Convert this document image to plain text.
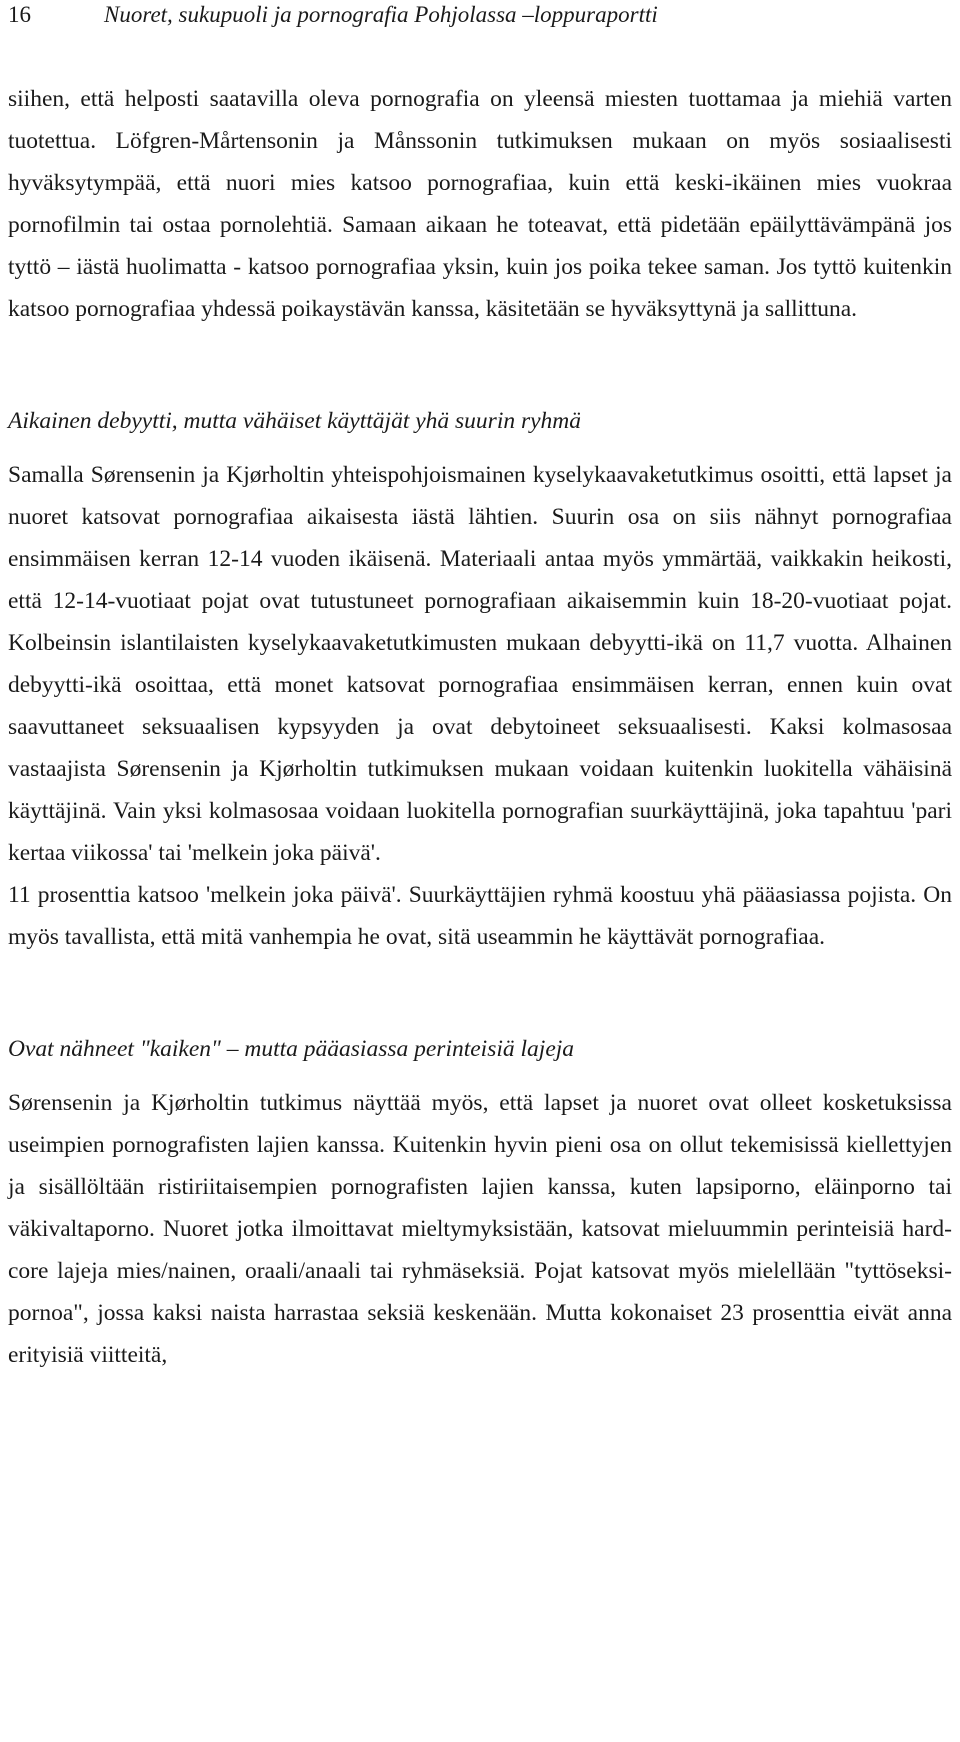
16	Nuoret, sukupuoli ja pornografia Pohjolassa –loppuraportti

siihen, että helposti saatavilla oleva pornografia on yleensä miesten tuottamaa ja miehiä varten tuotettua. Löfgren-Mårtensonin ja Månssonin tutkimuksen mukaan on myös sosiaalisesti hyväksytympää, että nuori mies katsoo pornografiaa, kuin että keski-ikäinen mies vuokraa pornofilmin tai ostaa pornolehtiä. Samaan aikaan he toteavat, että pidetään epäilyttävämpänä jos tyttö – iästä huolimatta - katsoo pornografiaa yksin, kuin jos poika tekee saman. Jos tyttö kuitenkin katsoo pornografiaa yhdessä poikaystävän kanssa, käsitetään se hyväksyttynä ja sallittuna.

Aikainen debyytti, mutta vähäiset käyttäjät yhä suurin ryhmä

Samalla Sørensenin ja Kjørholtin yhteispohjoismainen kyselykaavaketutkimus osoitti, että lapset ja nuoret katsovat pornografiaa aikaisesta iästä lähtien. Suurin osa on siis nähnyt pornografiaa ensimmäisen kerran 12-14 vuoden ikäisenä. Materiaali antaa myös ymmärtää, vaikkakin heikosti, että 12-14-vuotiaat pojat ovat tutustuneet pornografiaan aikaisemmin kuin 18-20-vuotiaat pojat. Kolbeinsin islantilaisten kyselykaavaketutkimusten mukaan debyytti-ikä on 11,7 vuotta. Alhainen debyytti-ikä osoittaa, että monet katsovat pornografiaa ensimmäisen kerran, ennen kuin ovat saavuttaneet seksuaalisen kypsyyden ja ovat debytoineet seksuaalisesti. Kaksi kolmasosaa vastaajista Sørensenin ja Kjørholtin tutkimuksen mukaan voidaan kuitenkin luokitella vähäisinä käyttäjinä. Vain yksi kolmasosaa voidaan luokitella pornografian suurkäyttäjinä, joka tapahtuu 'pari kertaa viikossa' tai 'melkein joka päivä'.

11 prosenttia katsoo 'melkein joka päivä'. Suurkäyttäjien ryhmä koostuu yhä pääasiassa pojista. On myös tavallista, että mitä vanhempia he ovat, sitä useammin he käyttävät pornografiaa.

Ovat nähneet "kaiken" – mutta pääasiassa perinteisiä lajeja

Sørensenin ja Kjørholtin tutkimus näyttää myös, että lapset ja nuoret ovat olleet kosketuksissa useimpien pornografisten lajien kanssa. Kuitenkin hyvin pieni osa on ollut tekemisissä kiellettyjen ja sisällöltään ristiriitaisempien pornografisten lajien kanssa, kuten lapsiporno, eläinporno tai väkivaltaporno. Nuoret jotka ilmoittavat mieltymyksistään, katsovat mieluummin perinteisiä hard-core lajeja mies/nainen, oraali/anaali tai ryhmäseksiä. Pojat katsovat myös mielellään "tyttöseksi-pornoa", jossa kaksi naista harrastaa seksiä keskenään. Mutta kokonaiset 23 prosenttia eivät anna erityisiä viitteitä,
